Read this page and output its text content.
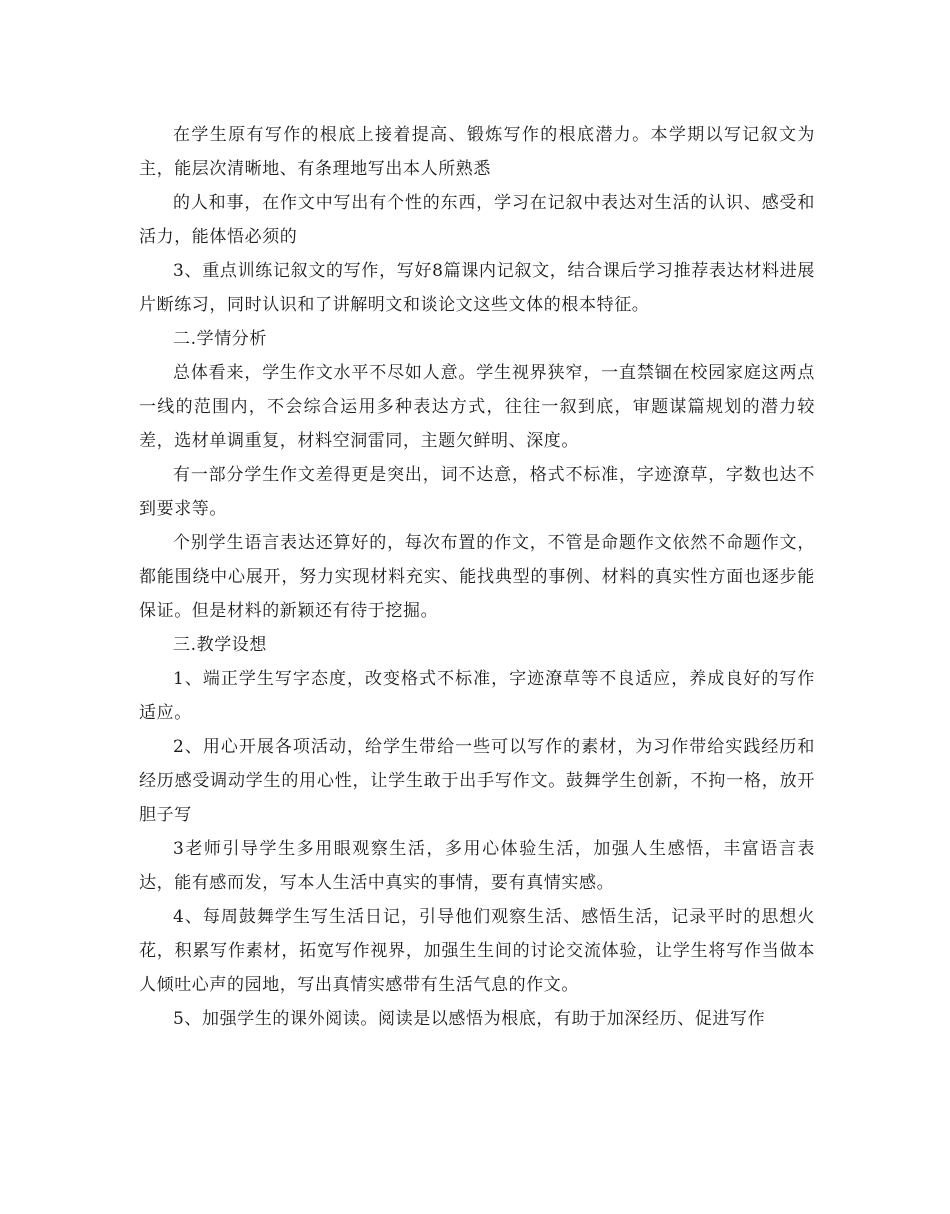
在学生原有写作的根底上接着提高、锻炼写作的根底潜力。本学期以写记叙文为主，能层次清晰地、有条理地写出本人所熟悉

的人和事，在作文中写出有个性的东西，学习在记叙中表达对生活的认识、感受和活力，能体悟必须的

3、重点训练记叙文的写作，写好8篇课内记叙文，结合课后学习推荐表达材料进展片断练习，同时认识和了讲解明文和谈论文这些文体的根本特征。

二.学情分析

总体看来，学生作文水平不尽如人意。学生视界狭窄，一直禁锢在校园家庭这两点一线的范围内，不会综合运用多种表达方式，往往一叙到底，审题谋篇规划的潜力较差，选材单调重复，材料空洞雷同，主题欠鲜明、深度。

有一部分学生作文差得更是突出，词不达意，格式不标准，字迹潦草，字数也达不到要求等。

个别学生语言表达还算好的，每次布置的作文，不管是命题作文依然不命题作文，都能围绕中心展开，努力实现材料充实、能找典型的事例、材料的真实性方面也逐步能保证。但是材料的新颖还有待于挖掘。

三.教学设想

1、端正学生写字态度，改变格式不标准，字迹潦草等不良适应，养成良好的写作适应。

2、用心开展各项活动，给学生带给一些可以写作的素材，为习作带给实践经历和经历感受调动学生的用心性，让学生敢于出手写作文。鼓舞学生创新，不拘一格，放开胆子写

3老师引导学生多用眼观察生活，多用心体验生活，加强人生感悟，丰富语言表达，能有感而发，写本人生活中真实的事情，要有真情实感。

4、每周鼓舞学生写生活日记，引导他们观察生活、感悟生活，记录平时的思想火花，积累写作素材，拓宽写作视界，加强生生间的讨论交流体验，让学生将写作当做本人倾吐心声的园地，写出真情实感带有生活气息的作文。

5、加强学生的课外阅读。阅读是以感悟为根底，有助于加深经历、促进写作
